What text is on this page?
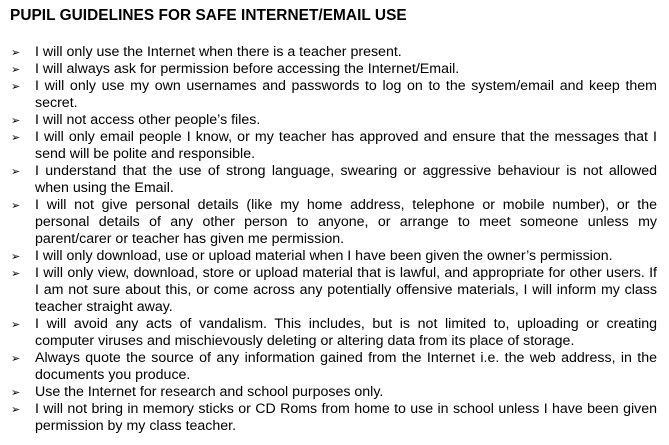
PUPIL GUIDELINES FOR SAFE INTERNET/EMAIL USE
➢ I will only use the Internet when there is a teacher present.
➢ I will always ask for permission before accessing the Internet/Email.
➢ I will only use my own usernames and passwords to log on to the system/email and keep them secret.
➢ I will not access other people’s files.
➢ I will only email people I know, or my teacher has approved and ensure that the messages that I send will be polite and responsible.
➢ I understand that the use of strong language, swearing or aggressive behaviour is not allowed when using the Email.
➢ I will not give personal details (like my home address, telephone or mobile number), or the personal details of any other person to anyone, or arrange to meet someone unless my parent/carer or teacher has given me permission.
➢ I will only download, use or upload material when I have been given the owner’s permission.
➢ I will only view, download, store or upload material that is lawful, and appropriate for other users. If I am not sure about this, or come across any potentially offensive materials, I will inform my class teacher straight away.
➢ I will avoid any acts of vandalism. This includes, but is not limited to, uploading or creating computer viruses and mischievously deleting or altering data from its place of storage.
➢ Always quote the source of any information gained from the Internet i.e. the web address, in the documents you produce.
➢ Use the Internet for research and school purposes only.
➢ I will not bring in memory sticks or CD Roms from home to use in school unless I have been given permission by my class teacher.
